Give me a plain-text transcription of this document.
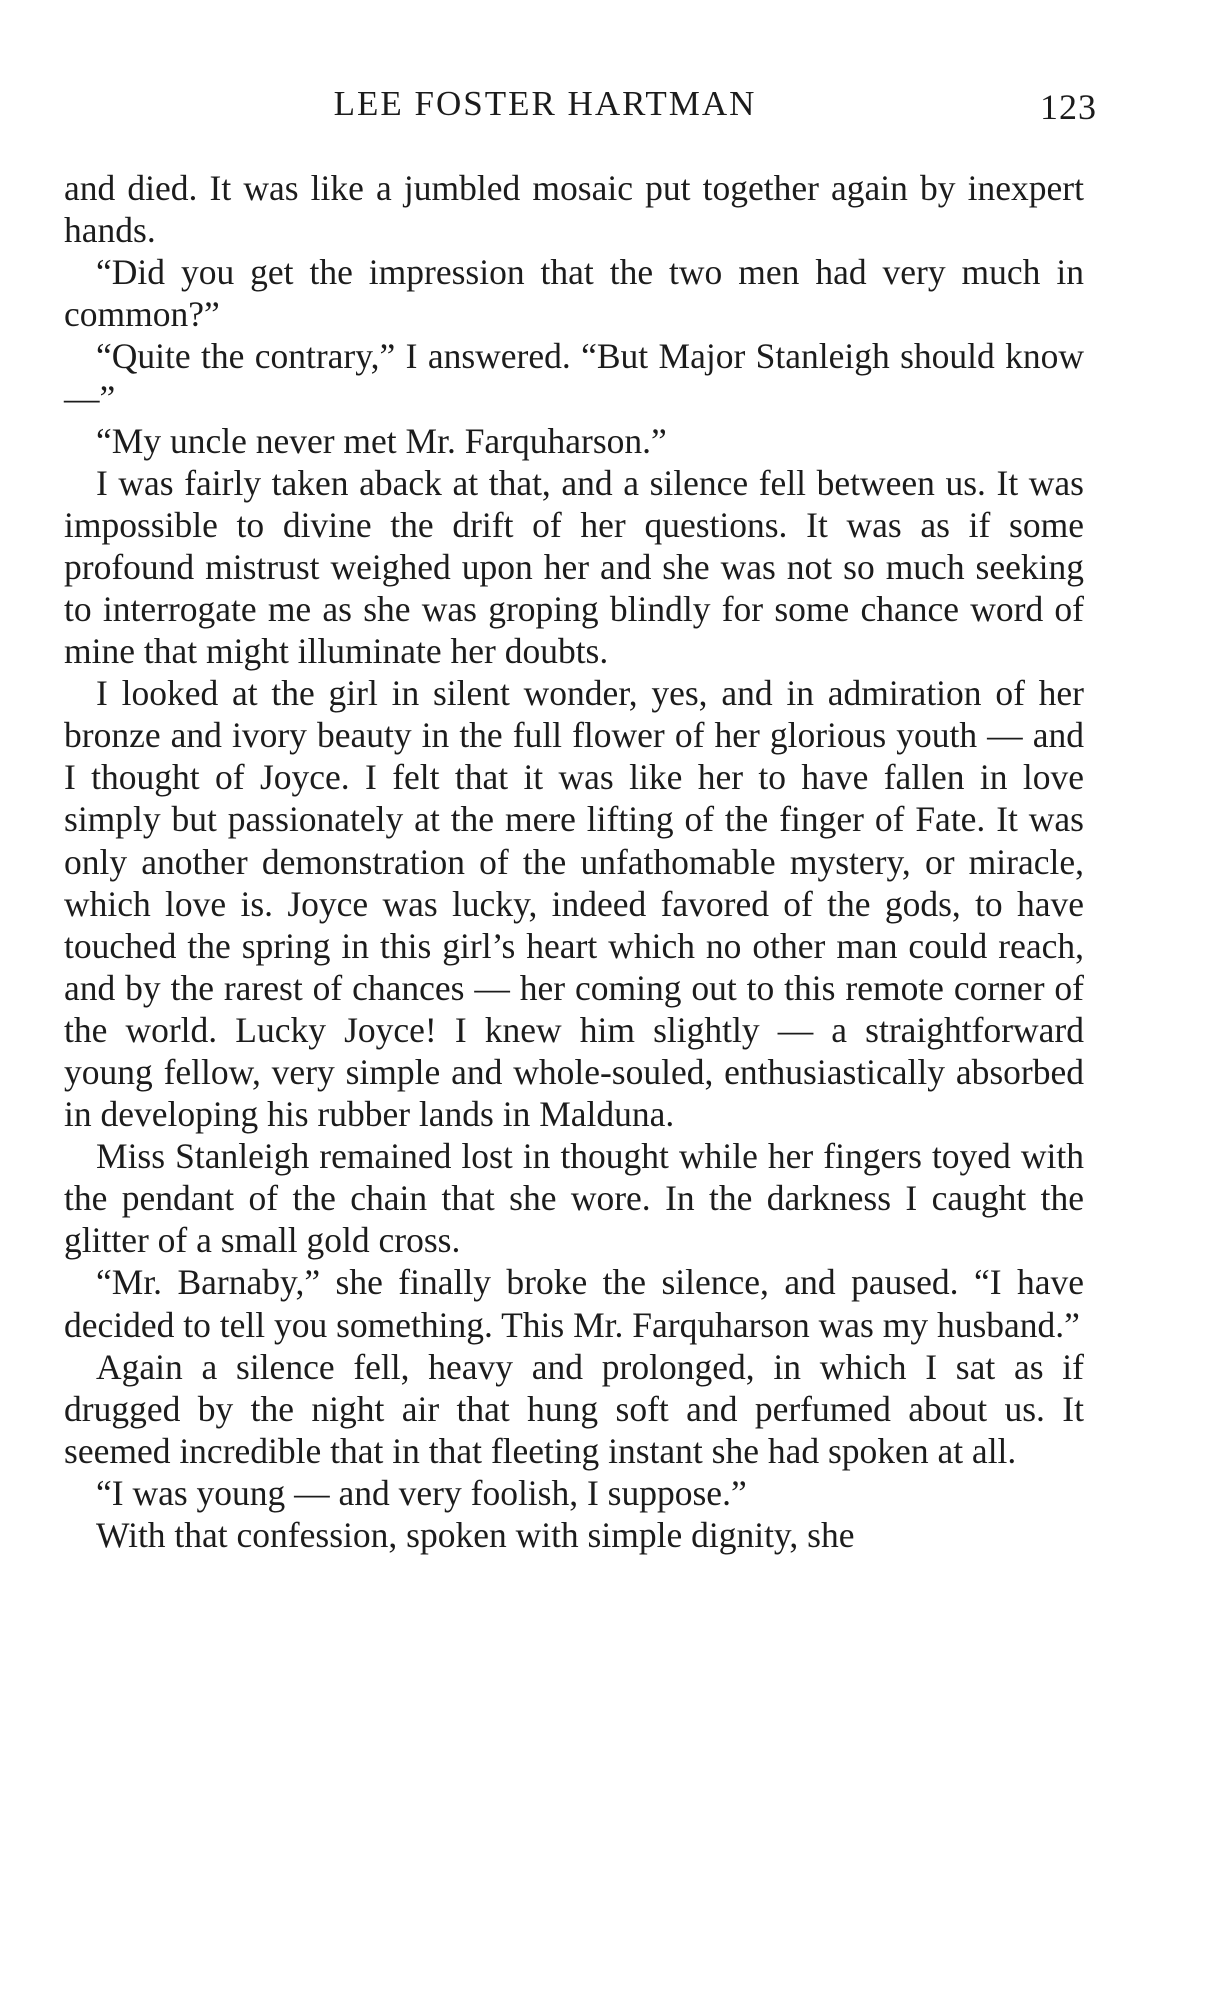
LEE FOSTER HARTMAN	123

and died. It was like a jumbled mosaic put together again by inexpert hands.

“Did you get the impression that the two men had very much in common?”

“Quite the contrary,” I answered. “But Major Stanleigh should know —”

“My uncle never met Mr. Farquharson.”

I was fairly taken aback at that, and a silence fell between us. It was impossible to divine the drift of her questions. It was as if some profound mistrust weighed upon her and she was not so much seeking to interrogate me as she was groping blindly for some chance word of mine that might illuminate her doubts.

I looked at the girl in silent wonder, yes, and in admiration of her bronze and ivory beauty in the full flower of her glorious youth — and I thought of Joyce. I felt that it was like her to have fallen in love simply but passionately at the mere lifting of the finger of Fate. It was only another demonstration of the unfathomable mystery, or miracle, which love is. Joyce was lucky, indeed favored of the gods, to have touched the spring in this girl’s heart which no other man could reach, and by the rarest of chances — her coming out to this remote corner of the world. Lucky Joyce! I knew him slightly — a straightforward young fellow, very simple and whole-souled, enthusiastically absorbed in developing his rubber lands in Malduna.

Miss Stanleigh remained lost in thought while her fingers toyed with the pendant of the chain that she wore. In the darkness I caught the glitter of a small gold cross.

“Mr. Barnaby,” she finally broke the silence, and paused. “I have decided to tell you something. This Mr. Farquharson was my husband.”

Again a silence fell, heavy and prolonged, in which I sat as if drugged by the night air that hung soft and perfumed about us. It seemed incredible that in that fleeting instant she had spoken at all.

“I was young — and very foolish, I suppose.”

With that confession, spoken with simple dignity, she
